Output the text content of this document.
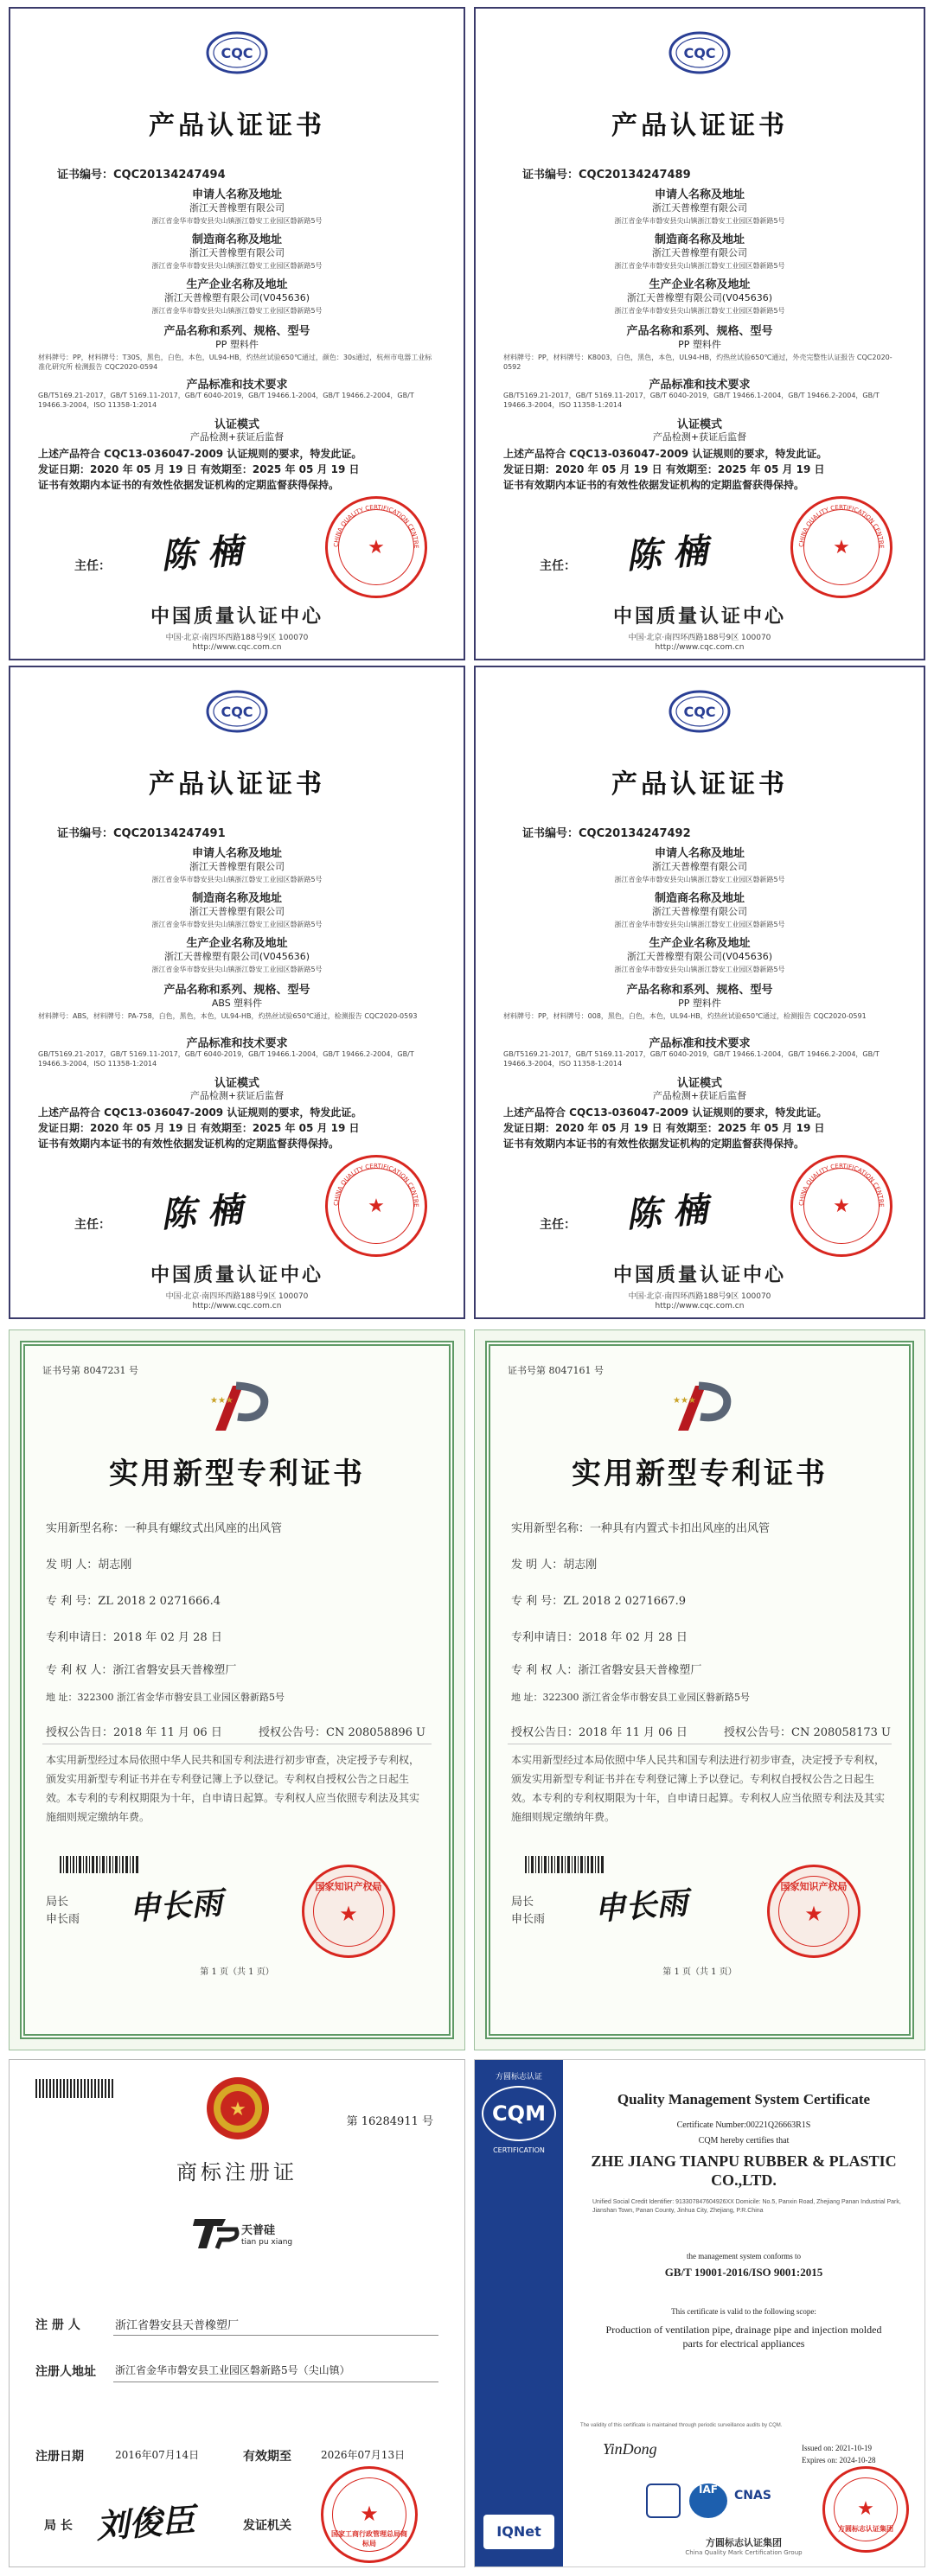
CQC
产品认证证书
证书编号：CQC20134247494
申请人名称及地址
浙江天普橡塑有限公司
浙江省金华市磐安县尖山镇浙江磐安工业园区磐新路5号
制造商名称及地址
浙江天普橡塑有限公司
浙江省金华市磐安县尖山镇浙江磐安工业园区磐新路5号
生产企业名称及地址
浙江天普橡塑有限公司(V045636)
浙江省金华市磐安县尖山镇浙江磐安工业园区磐新路5号
产品名称和系列、规格、型号
PP 塑料件
材料牌号：PP，材料牌号：T30S，黑色，白色，本色，UL94-HB，灼热丝试验650℃通过，颜色：30s通过，杭州市电器工业标准化研究所 检测报告 CQC2020-0594
产品标准和技术要求
GB/T5169.21-2017，GB/T 5169.11-2017，GB/T 6040-2019，GB/T 19466.1-2004，GB/T 19466.2-2004，GB/T 19466.3-2004，ISO 11358-1:2014
认证模式
产品检测+获证后监督
上述产品符合 CQC13-036047-2009 认证规则的要求，特发此证。
发证日期：2020 年 05 月 19 日 有效期至：2025 年 05 月 19 日
证书有效期内本证书的有效性依据发证机构的定期监督获得保持。
主任：	陈 楠	CHINA QUALITY CERTIFICATION CENTRE
★
中国质量认证中心
中国·北京·南四环西路188号9区 100070
http://www.cqc.com.cn
CQC
产品认证证书
证书编号：CQC20134247489
申请人名称及地址
浙江天普橡塑有限公司
浙江省金华市磐安县尖山镇浙江磐安工业园区磐新路5号
制造商名称及地址
浙江天普橡塑有限公司
浙江省金华市磐安县尖山镇浙江磐安工业园区磐新路5号
生产企业名称及地址
浙江天普橡塑有限公司(V045636)
浙江省金华市磐安县尖山镇浙江磐安工业园区磐新路5号
产品名称和系列、规格、型号
PP 塑料件
材料牌号：PP，材料牌号：K8003，白色，黑色，本色，UL94-HB，灼热丝试验650℃通过，外壳完整性认证报告 CQC2020-0592
产品标准和技术要求
GB/T5169.21-2017，GB/T 5169.11-2017，GB/T 6040-2019，GB/T 19466.1-2004，GB/T 19466.2-2004，GB/T 19466.3-2004，ISO 11358-1:2014
认证模式
产品检测+获证后监督
上述产品符合 CQC13-036047-2009 认证规则的要求，特发此证。
发证日期：2020 年 05 月 19 日 有效期至：2025 年 05 月 19 日
证书有效期内本证书的有效性依据发证机构的定期监督获得保持。
主任：	陈 楠	CHINA QUALITY CERTIFICATION CENTRE
★
中国质量认证中心
中国·北京·南四环西路188号9区 100070
http://www.cqc.com.cn
CQC
产品认证证书
证书编号：CQC20134247491
申请人名称及地址
浙江天普橡塑有限公司
浙江省金华市磐安县尖山镇浙江磐安工业园区磐新路5号
制造商名称及地址
浙江天普橡塑有限公司
浙江省金华市磐安县尖山镇浙江磐安工业园区磐新路5号
生产企业名称及地址
浙江天普橡塑有限公司(V045636)
浙江省金华市磐安县尖山镇浙江磐安工业园区磐新路5号
产品名称和系列、规格、型号
ABS 塑料件
材料牌号：ABS，材料牌号：PA-758，白色，黑色，本色，UL94-HB，灼热丝试验650℃通过，检测报告 CQC2020-0593
产品标准和技术要求
GB/T5169.21-2017，GB/T 5169.11-2017，GB/T 6040-2019，GB/T 19466.1-2004，GB/T 19466.2-2004，GB/T 19466.3-2004，ISO 11358-1:2014
认证模式
产品检测+获证后监督
上述产品符合 CQC13-036047-2009 认证规则的要求，特发此证。
发证日期：2020 年 05 月 19 日 有效期至：2025 年 05 月 19 日
证书有效期内本证书的有效性依据发证机构的定期监督获得保持。
主任：	陈 楠	CHINA QUALITY CERTIFICATION CENTRE
★
中国质量认证中心
中国·北京·南四环西路188号9区 100070
http://www.cqc.com.cn
CQC
产品认证证书
证书编号：CQC20134247492
申请人名称及地址
浙江天普橡塑有限公司
浙江省金华市磐安县尖山镇浙江磐安工业园区磐新路5号
制造商名称及地址
浙江天普橡塑有限公司
浙江省金华市磐安县尖山镇浙江磐安工业园区磐新路5号
生产企业名称及地址
浙江天普橡塑有限公司(V045636)
浙江省金华市磐安县尖山镇浙江磐安工业园区磐新路5号
产品名称和系列、规格、型号
PP 塑料件
材料牌号：PP，材料牌号：008，黑色，白色，本色，UL94-HB，灼热丝试验650℃通过，检测报告 CQC2020-0591
产品标准和技术要求
GB/T5169.21-2017，GB/T 5169.11-2017，GB/T 6040-2019，GB/T 19466.1-2004，GB/T 19466.2-2004，GB/T 19466.3-2004，ISO 11358-1:2014
认证模式
产品检测+获证后监督
上述产品符合 CQC13-036047-2009 认证规则的要求，特发此证。
发证日期：2020 年 05 月 19 日 有效期至：2025 年 05 月 19 日
证书有效期内本证书的有效性依据发证机构的定期监督获得保持。
主任：	陈 楠	CHINA QUALITY CERTIFICATION CENTRE
★
中国质量认证中心
中国·北京·南四环西路188号9区 100070
http://www.cqc.com.cn
证书号第 8047231 号
★★★
实用新型专利证书
实用新型名称：一种具有螺纹式出风座的出风管
发 明 人：胡志刚
专 利 号：ZL 2018 2 0271666.4
专利申请日：2018 年 02 月 28 日
专 利 权 人：浙江省磐安县天普橡塑厂
地 址：322300 浙江省金华市磐安县工业园区磐新路5号
授权公告日：2018 年 11 月 06 日	授权公告号：CN 208058896 U
本实用新型经过本局依照中华人民共和国专利法进行初步审查，决定授予专利权，颁发实用新型专利证书并在专利登记簿上予以登记。专利权自授权公告之日起生效。本专利的专利权期限为十年，自申请日起算。专利权人应当依照专利法及其实施细则规定缴纳年费。
局长
申长雨 申长雨	★
国家知识产权局
第 1 页（共 1 页）
证书号第 8047161 号
★★★
实用新型专利证书
实用新型名称：一种具有内置式卡扣出风座的出风管
发 明 人：胡志刚
专 利 号：ZL 2018 2 0271667.9
专利申请日：2018 年 02 月 28 日
专 利 权 人：浙江省磐安县天普橡塑厂
地 址：322300 浙江省金华市磐安县工业园区磐新路5号
授权公告日：2018 年 11 月 06 日	授权公告号：CN 208058173 U
本实用新型经过本局依照中华人民共和国专利法进行初步审查，决定授予专利权，颁发实用新型专利证书并在专利登记簿上予以登记。专利权自授权公告之日起生效。本专利的专利权期限为十年，自申请日起算。专利权人应当依照专利法及其实施细则规定缴纳年费。
局长
申长雨 申长雨	★
国家知识产权局
第 1 页（共 1 页）
★
第 16284911 号
商标注册证
天普硅
tian pu xiang
注 册 人	浙江省磐安县天普橡塑厂
注册人地址 浙江省金华市磐安县工业园区磐新路5号（尖山镇）
注册日期	2016年07月14日	有效期至	2026年07月13日
局 长 刘俊臣	发证机关	★
国家工商行政管理总局商标局
方圆标志认证
CQM
CERTIFICATION
IQNet
Quality Management System Certificate
Certificate Number:00221Q26663R1S
CQM hereby certifies that
ZHE JIANG TIANPU RUBBER & PLASTIC CO.,LTD.
Unified Social Credit Identifier: 913307847604926XX Domicile: No.5, Panxin Road, Zhejiang Panan Industrial Park, Jianshan Town, Panan County, Jinhua City, Zhejiang, P.R.China
the management system conforms to
GB/T 19001-2016/ISO 9001:2015
This certificate is valid to the following scope:
Production of ventilation pipe, drainage pipe and injection molded parts for electrical appliances
The validity of this certificate is maintained through periodic surveillance audits by CQM.
YinDong	Issued on: 2021-10-19
Expires on: 2024-10-28
IAF	CNAS
★
方圆标志认证集团
方圆标志认证集团
China Quality Mark Certification Group
